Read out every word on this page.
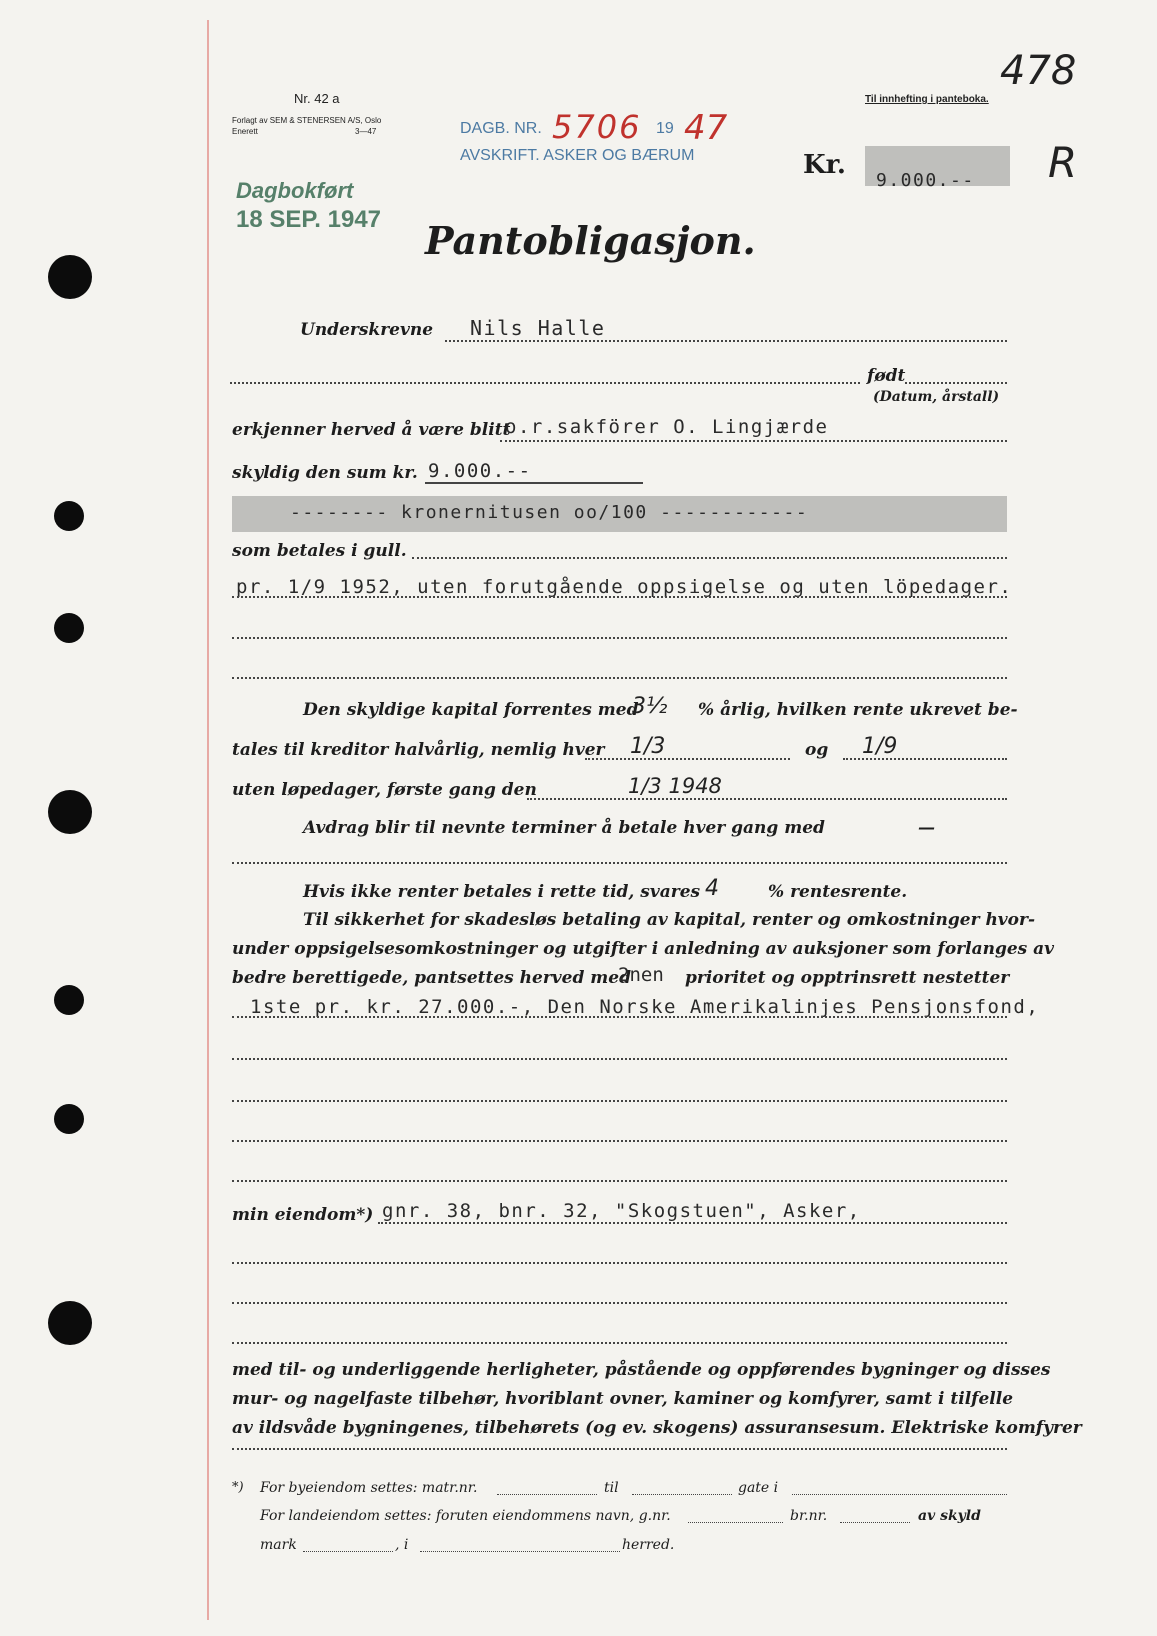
Nr. 42 a
Forlagt av SEM & STENERSEN A/S, Oslo
Enerett	3—47
Til innhefting i panteboka.
478
R
DAGB. NR. 5706 19 47
AVSKRIFT. ASKER OG BÆRUM
Dagbokført
18 SEP. 1947
Kr.
9.000.--
Pantobligasjon.
Underskrevne Nils Halle
født
(Datum, årstall)
erkjenner herved å være blitt
o.r.sakförer O. Lingjærde
skyldig den sum kr. 9.000.--
-------- kronernitusen oo/100 ------------
som betales i gull.
pr. 1/9 1952, uten forutgående oppsigelse og uten löpedager.
Den skyldige kapital forrentes med
3½ % årlig, hvilken rente ukrevet be-
tales til kreditor halvårlig, nemlig hver 1/3	og 1/9
uten løpedager, første gang den	1/3 1948
Avdrag blir til nevnte terminer å betale hver gang med	—
Hvis ikke renter betales i rette tid, svares 4	% rentesrente.
Til sikkerhet for skadesløs betaling av kapital, renter og omkostninger hvor-
under oppsigelsesomkostninger og utgifter i anledning av auksjoner som forlanges av
bedre berettigede, pantsettes herved med
2nen prioritet og opptrinsrett nestetter
1ste pr. kr. 27.000.-, Den Norske Amerikalinjes Pensjonsfond,
min eiendom*) gnr. 38, bnr. 32, "Skogstuen", Asker,
med til- og underliggende herligheter, påstående og oppførendes bygninger og disses
mur- og nagelfaste tilbehør, hvoriblant ovner, kaminer og komfyrer, samt i tilfelle
av ildsvåde bygningenes, tilbehørets (og ev. skogens) assuransesum. Elektriske komfyrer
*) For byeiendom settes: matr.nr.	til	gate i
For landeiendom settes: foruten eiendommens navn, g.nr.	br.nr.	av skyld
mark	, i	herred.
